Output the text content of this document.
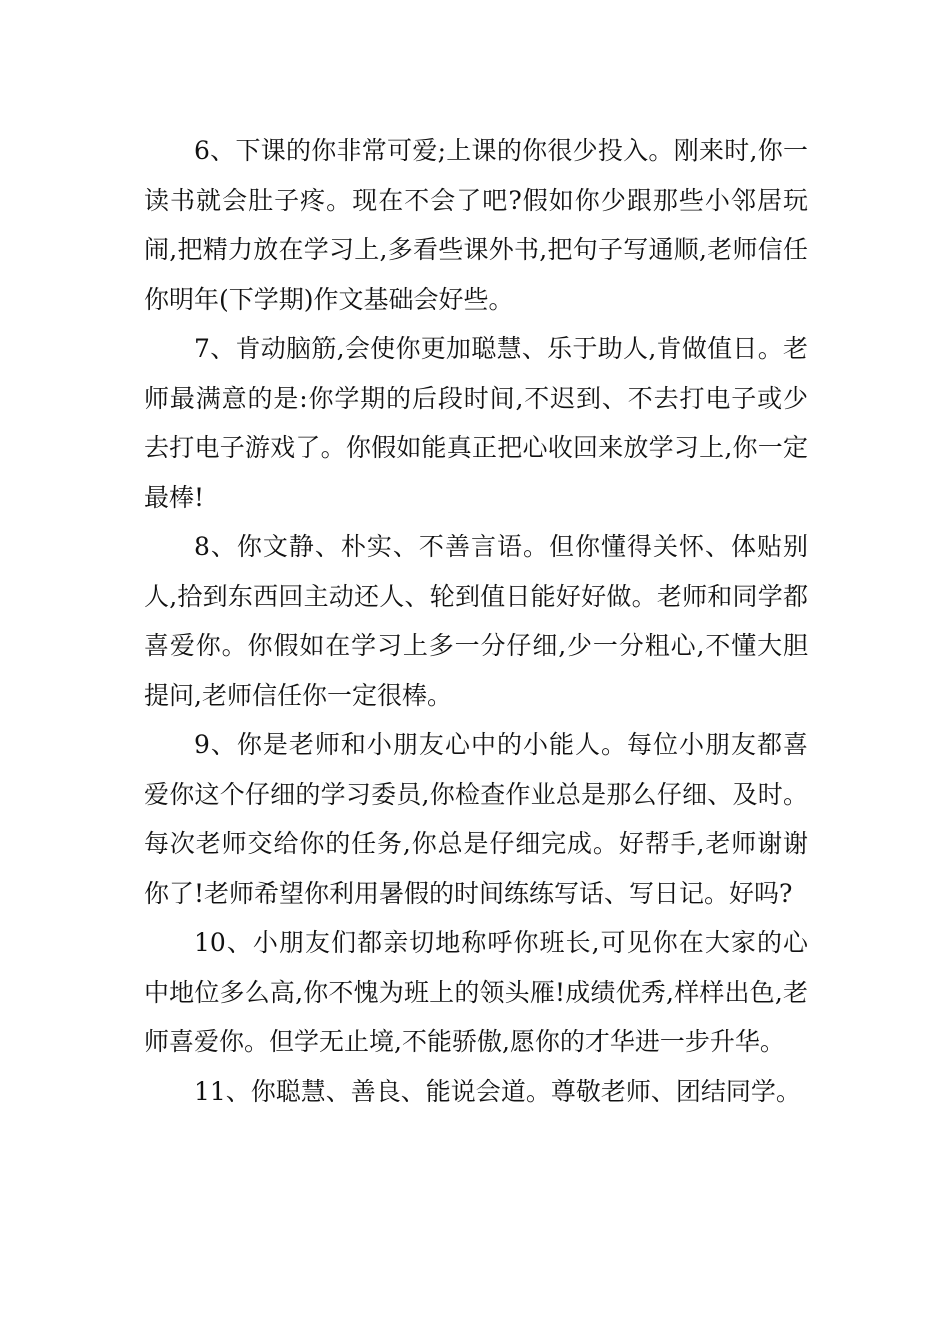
6、下课的你非常可爱;上课的你很少投入。刚来时,你一读书就会肚子疼。现在不会了吧?假如你少跟那些小邻居玩闹,把精力放在学习上,多看些课外书,把句子写通顺,老师信任你明年(下学期)作文基础会好些。

7、肯动脑筋,会使你更加聪慧、乐于助人,肯做值日。老师最满意的是:你学期的后段时间,不迟到、不去打电子或少去打电子游戏了。你假如能真正把心收回来放学习上,你一定最棒!

8、你文静、朴实、不善言语。但你懂得关怀、体贴别人,拾到东西回主动还人、轮到值日能好好做。老师和同学都喜爱你。你假如在学习上多一分仔细,少一分粗心,不懂大胆提问,老师信任你一定很棒。

9、你是老师和小朋友心中的小能人。每位小朋友都喜爱你这个仔细的学习委员,你检查作业总是那么仔细、及时。每次老师交给你的任务,你总是仔细完成。好帮手,老师谢谢你了!老师希望你利用暑假的时间练练写话、写日记。好吗?

10、小朋友们都亲切地称呼你班长,可见你在大家的心中地位多么高,你不愧为班上的领头雁!成绩优秀,样样出色,老师喜爱你。但学无止境,不能骄傲,愿你的才华进一步升华。

11、你聪慧、善良、能说会道。尊敬老师、团结同学。
